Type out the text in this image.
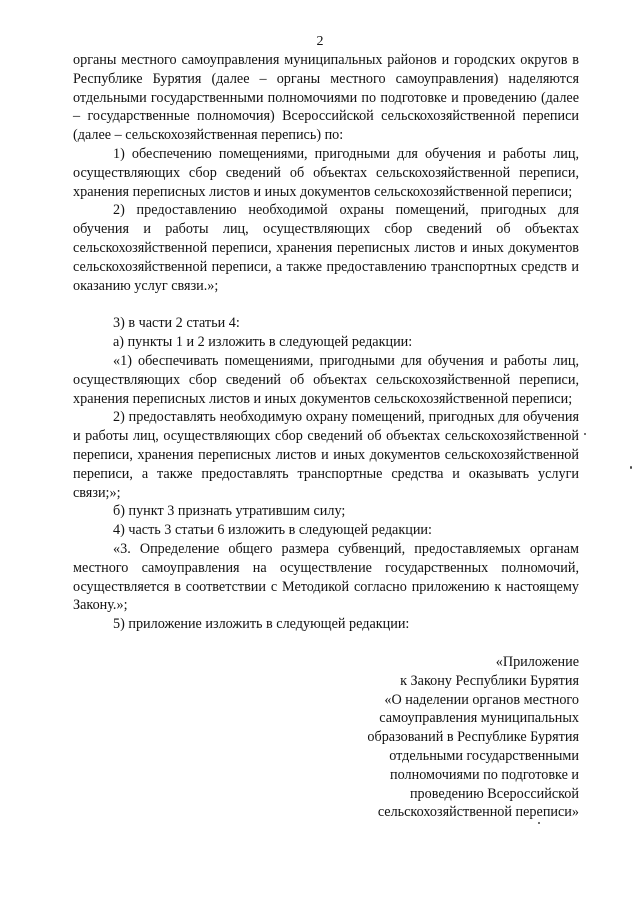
2

органы местного самоуправления муниципальных районов и городских округов в Республике Бурятия (далее – органы местного самоуправления) наделяются отдельными государственными полномочиями по подготовке и проведению (далее – государственные полномочия) Всероссийской сельскохозяйственной переписи (далее – сельскохозяйственная перепись) по:

1) обеспечению помещениями, пригодными для обучения и работы лиц, осуществляющих сбор сведений об объектах сельскохозяйственной переписи, хранения переписных листов и иных документов сельскохозяйственной переписи;

2) предоставлению необходимой охраны помещений, пригодных для обучения и работы лиц, осуществляющих сбор сведений об объектах сельскохозяйственной переписи, хранения переписных листов и иных документов сельскохозяйственной переписи, а также предоставлению транспортных средств и оказанию услуг связи.»;

3) в части 2 статьи 4:

а) пункты 1 и 2 изложить в следующей редакции:

«1) обеспечивать помещениями, пригодными для обучения и работы лиц, осуществляющих сбор сведений об объектах сельскохозяйственной переписи, хранения переписных листов и иных документов сельскохозяйственной переписи;

2) предоставлять необходимую охрану помещений, пригодных для обучения и работы лиц, осуществляющих сбор сведений об объектах сельскохозяйственной переписи, хранения переписных листов и иных документов сельскохозяйственной переписи, а также предоставлять транспортные средства и оказывать услуги связи;»;

б) пункт 3 признать утратившим силу;

4) часть 3 статьи 6 изложить в следующей редакции:

«3. Определение общего размера субвенций, предоставляемых органам местного самоуправления на осуществление государственных полномочий, осуществляется в соответствии с Методикой согласно приложению к настоящему Закону.»;

5) приложение изложить в следующей редакции:

«Приложение
к Закону Республики Бурятия
«О наделении органов местного
самоуправления муниципальных
образований в Республике Бурятия
отдельными государственными
полномочиями по подготовке и
проведению Всероссийской
сельскохозяйственной переписи»
